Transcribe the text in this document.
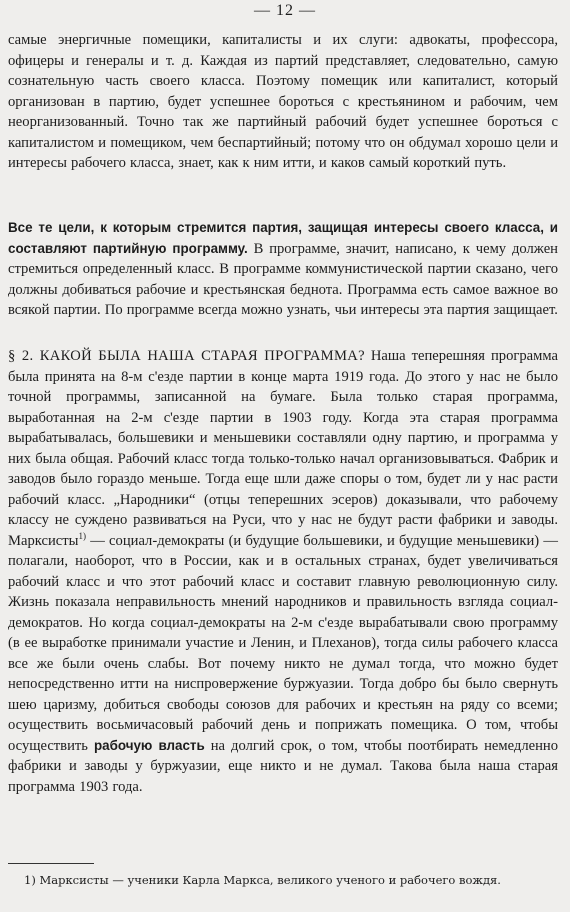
— 12 —
самые энергичные помещики, капиталисты и их слуги: адвокаты, профессора, офицеры и генералы и т. д. Каждая из партий представляет, следовательно, самую сознательную часть своего класса. Поэтому помещик или капиталист, который организован в партию, будет успешнее бороться с крестьянином и рабочим, чем неорганизованный. Точно так же партийный рабочий будет успешнее бороться с капиталистом и помещиком, чем беспартийный; потому что он обдумал хорошо цели и интересы рабочего класса, знает, как к ним итти, и каков самый короткий путь.
Все те цели, к которым стремится партия, защищая интересы своего класса, и составляют партийную программу. В программе, значит, написано, к чему должен стремиться определенный класс. В программе коммунистической партии сказано, чего должны добиваться рабочие и крестьянская беднота. Программа есть самое важное во всякой партии. По программе всегда можно узнать, чьи интересы эта партия защищает.
§ 2. КАКОЙ БЫЛА НАША СТАРАЯ ПРОГРАММА? Наша теперешняя программа была принята на 8-м с'езде партии в конце марта 1919 года. До этого у нас не было точной программы, записанной на бумаге. Была только старая программа, выработанная на 2-м с'езде партии в 1903 году. Когда эта старая программа вырабатывалась, большевики и меньшевики составляли одну партию, и программа у них была общая. Рабочий класс тогда только-только начал организовываться. Фабрик и заводов было гораздо меньше. Тогда еще шли даже споры о том, будет ли у нас расти рабочий класс. „Народники“ (отцы теперешних эсеров) доказывали, что рабочему классу не суждено развиваться на Руси, что у нас не будут расти фабрики и заводы. Марксисты$^{1)}$ — социал-демократы (и будущие большевики, и будущие меньшевики) — полагали, наоборот, что в России, как и в остальных странах, будет увеличиваться рабочий класс и что этот рабочий класс и составит главную революционную силу. Жизнь показала неправильность мнений народников и правильность взгляда социал-демократов. Но когда социал-демократы на 2-м с'езде вырабатывали свою программу (в ее выработке принимали участие и Ленин, и Плеханов), тогда силы рабочего класса все же были очень слабы. Вот почему никто не думал тогда, что можно будет непосредственно итти на ниспровержение буржуазии. Тогда добро бы было свернуть шею царизму, добиться свободы союзов для рабочих и крестьян на ряду со всеми; осуществить восьмичасовый рабочий день и поприжать помещика. О том, чтобы осуществить рабочую власть на долгий срок, о том, чтобы поотбирать немедленно фабрики и заводы у буржуазии, еще никто и не думал. Такова была наша старая программа 1903 года.
1) Марксисты — ученики Карла Маркса, великого ученого и рабочего вождя.
